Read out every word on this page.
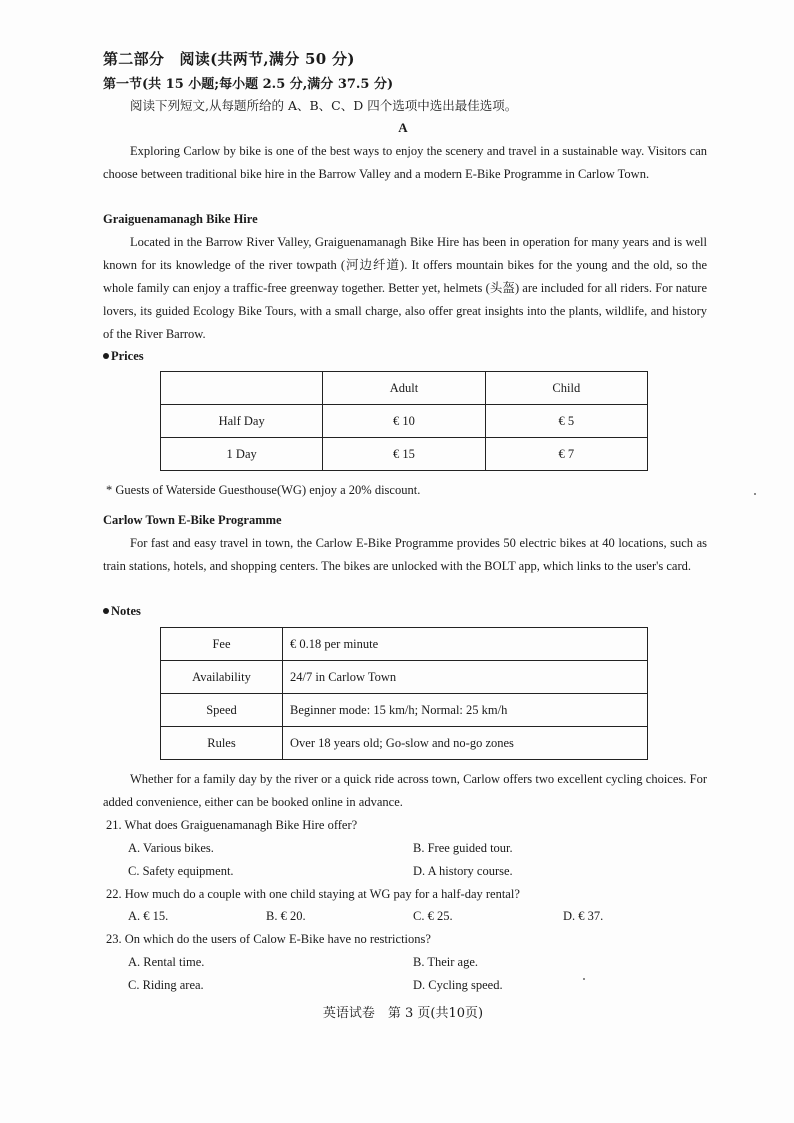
第二部分　阅读(共两节,满分 50 分)
第一节(共 15 小题;每小题 2.5 分,满分 37.5 分)
阅读下列短文,从每题所给的 A、B、C、D 四个选项中选出最佳选项。
A

Exploring Carlow by bike is one of the best ways to enjoy the scenery and travel in a sustainable way. Visitors can choose between traditional bike hire in the Barrow Valley and a modern E-Bike Programme in Carlow Town.

Graiguenamanagh Bike Hire

Located in the Barrow River Valley, Graiguenamanagh Bike Hire has been in operation for many years and is well known for its knowledge of the river towpath (河边纤道). It offers mountain bikes for the young and the old, so the whole family can enjoy a traffic-free greenway together. Better yet, helmets (头盔) are included for all riders. For nature lovers, its guided Ecology Bike Tours, with a small charge, also offer great insights into the plants, wildlife, and history of the River Barrow.

Prices
	Adult	Child
Half Day	€ 10	€ 5
1 Day	€ 15	€ 7
* Guests of Waterside Guesthouse(WG) enjoy a 20% discount.
Carlow Town E-Bike Programme

For fast and easy travel in town, the Carlow E-Bike Programme provides 50 electric bikes at 40 locations, such as train stations, hotels, and shopping centers. The bikes are unlocked with the BOLT app, which links to the user's card.

Notes
Fee	€ 0.18 per minute
Availability	24/7 in Carlow Town
Speed	Beginner mode: 15 km/h; Normal: 25 km/h
Rules	Over 18 years old; Go-slow and no-go zones

Whether for a family day by the river or a quick ride across town, Carlow offers two excellent cycling choices. For added convenience, either can be booked online in advance.

21. What does Graiguenamanagh Bike Hire offer?
A. Various bikes.	B. Free guided tour.
C. Safety equipment.	D. A history course.
22. How much do a couple with one child staying at WG pay for a half-day rental?
A. € 15.	B. € 20.	C. € 25.	D. € 37.
23. On which do the users of Calow E-Bike have no restrictions?
A. Rental time.	B. Their age.
C. Riding area.	D. Cycling speed.
英语试卷　第 3 页(共10页)
